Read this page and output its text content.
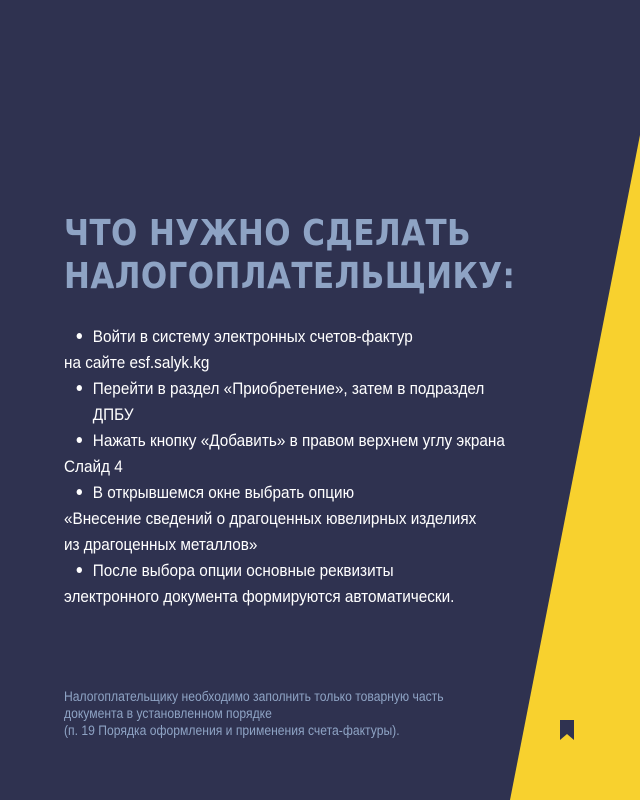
ЧТО НУЖНО СДЕЛАТЬ
НАЛОГОПЛАТЕЛЬЩИКУ:
Войти в систему электронных счетов-фактур
на сайте esf.salyk.kg
Перейти в раздел «Приобретение», затем в подраздел
ДПБУ
Нажать кнопку «Добавить» в правом верхнем углу экрана
Слайд 4
В открывшемся окне выбрать опцию
«Внесение сведений о драгоценных ювелирных изделиях
из драгоценных металлов»
После выбора опции основные реквизиты
электронного документа формируются автоматически.
Налогоплательщику необходимо заполнить только товарную часть
документа в установленном порядке
(п. 19 Порядка оформления и применения счета-фактуры).
